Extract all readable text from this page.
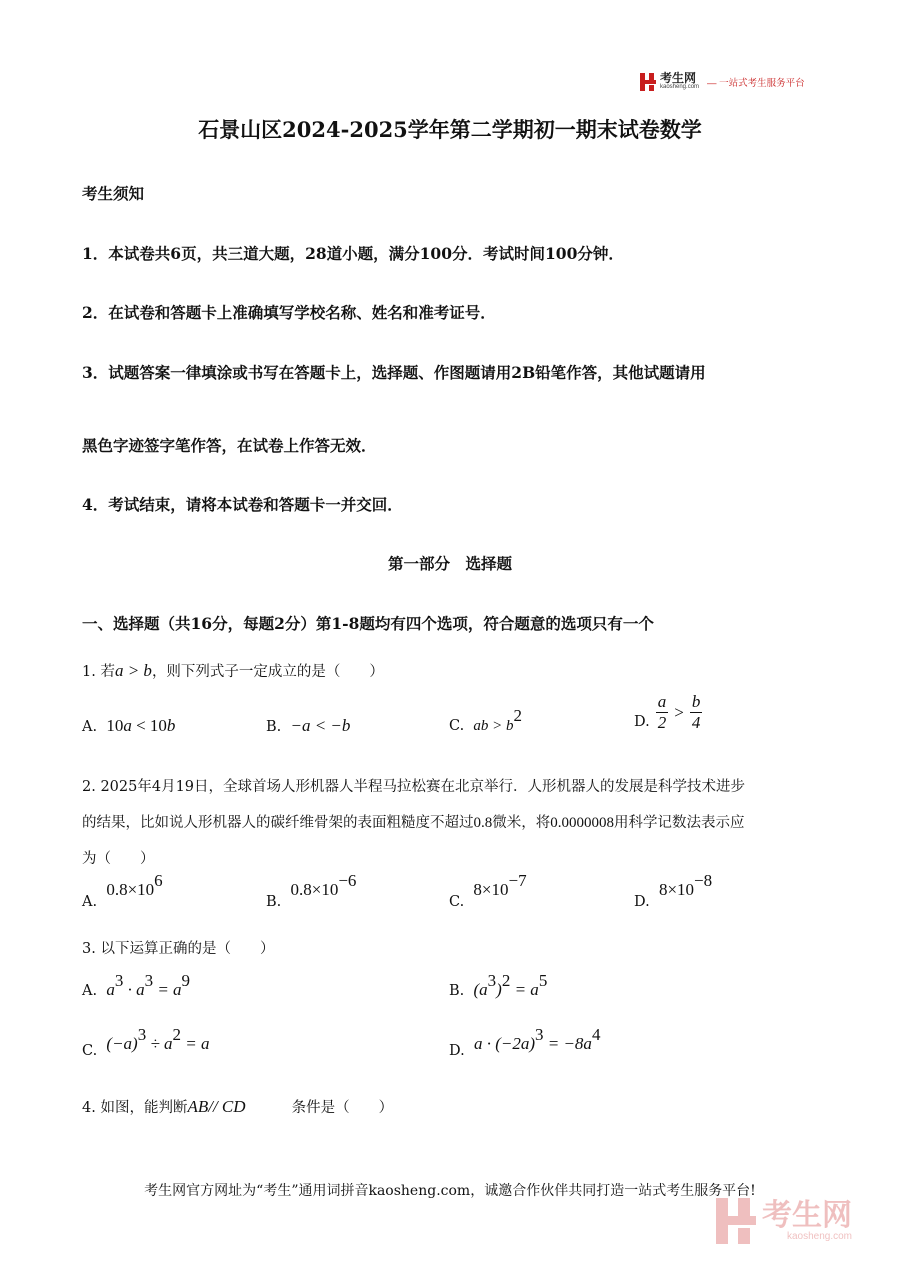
考生网
kaosheng.com — 一站式考生服务平台
石景山区2024-2025学年第二学期初一期末试卷数学
考生须知
1．本试卷共6页，共三道大题，28道小题，满分100分．考试时间100分钟．
2．在试卷和答题卡上准确填写学校名称、姓名和准考证号．
3．试题答案一律填涂或书写在答题卡上，选择题、作图题请用2B铅笔作答，其他试题请用
黑色字迹签字笔作答，在试卷上作答无效．
4．考试结束，请将本试卷和答题卡一并交回．
第一部分　选择题
一、选择题（共16分，每题2分）第1-8题均有四个选项，符合题意的选项只有一个
1. 若a > b，则下列式子一定成立的是（　　）
A. 10a < 10b	B. −a < −b	C. ab > $b^2$	D. $\frac{a}{2} > \frac{b}{4}$
2. 2025年4月19日，全球首场人形机器人半程马拉松赛在北京举行．人形机器人的发展是科学技术进步
的结果，比如说人形机器人的碳纤维骨架的表面粗糙度不超过0.8微米，将0.0000008用科学记数法表示应
为（　　）
A.  $0.8\times 10^6$
B.  $0.8\times 10^{-6}$
C.  $8\times 10^{-7}$
D.  $8\times 10^{-8}$
3. 以下运算正确的是（　　）
A. $a^3 \cdot a^3 = a^9$
B. $(a^3)^2 = a^5$
C. $(-a)^3 \div a^2 = a$	D. $a \cdot (-2a)^3 = -8a^4$
4. 如图，能判断AB// CD	条件是（　　）
考生网官方网址为“考生”通用词拼音kaosheng.com，诚邀合作伙伴共同打造一站式考生服务平台!
考生网
kaosheng.com
